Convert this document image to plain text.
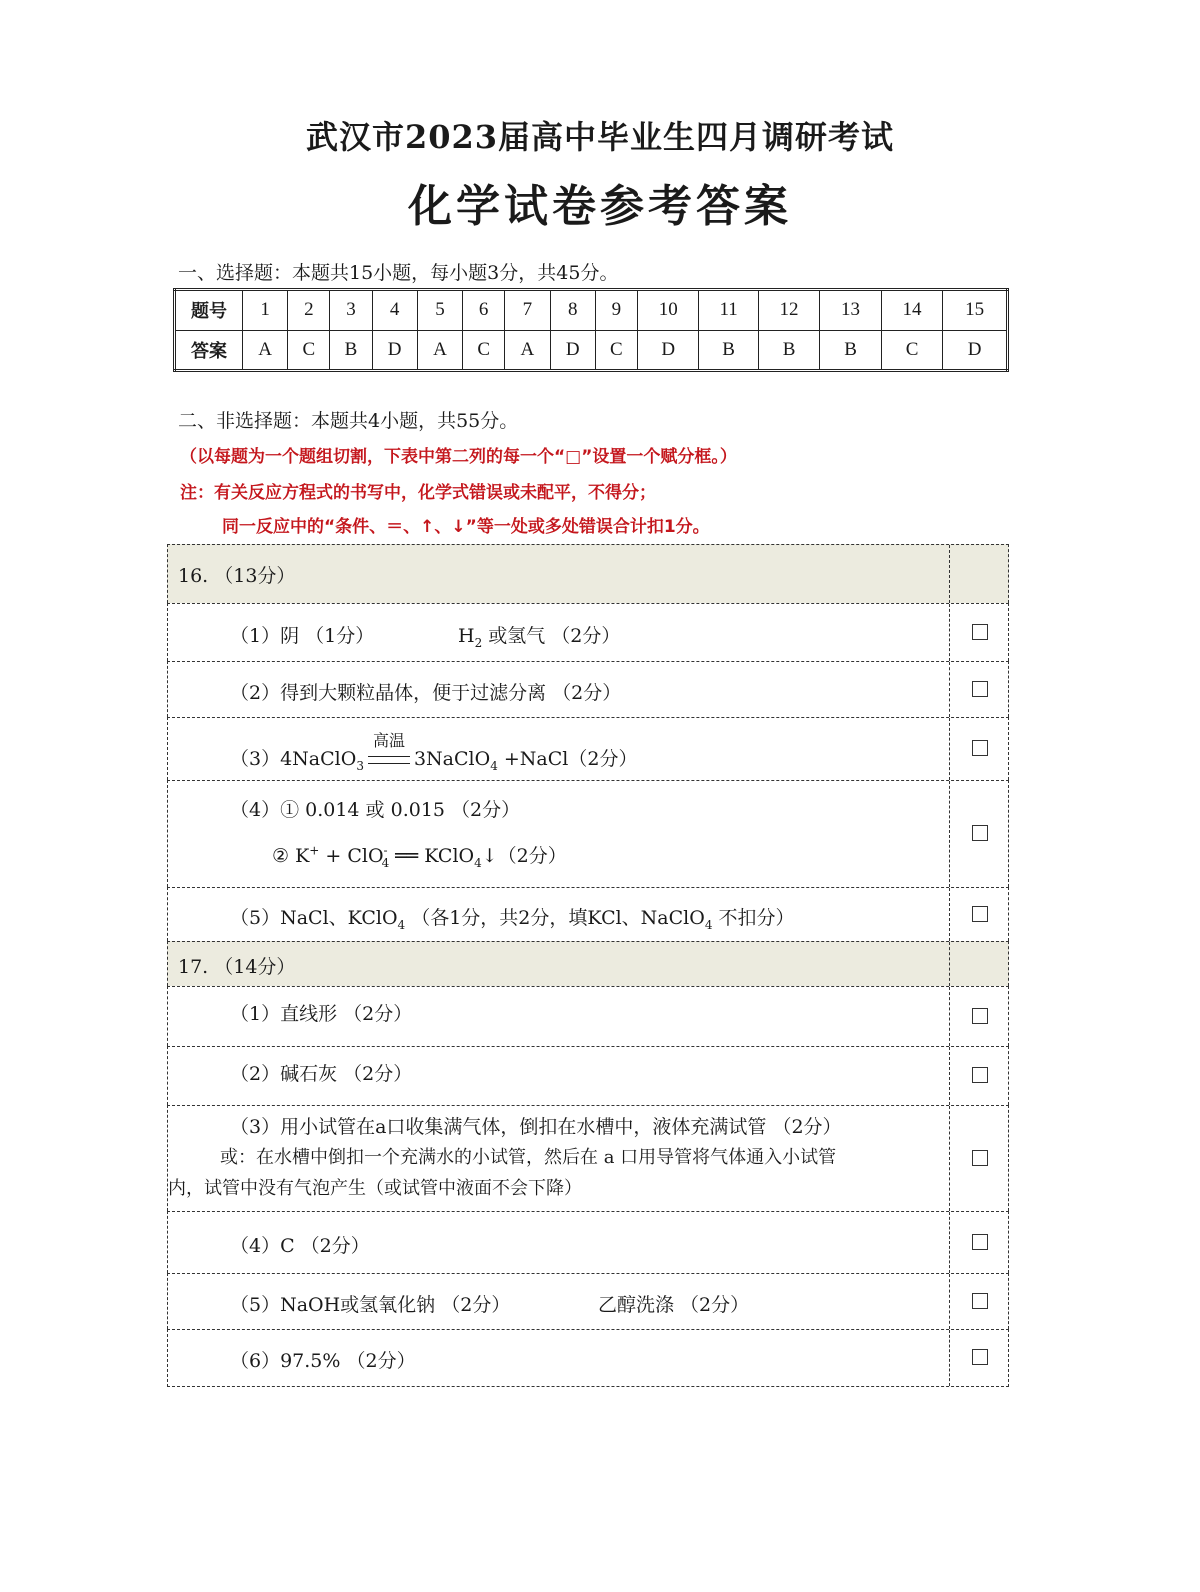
武汉市2023届高中毕业生四月调研考试
化学试卷参考答案
一、选择题：本题共15小题，每小题3分，共45分。
题号	1	2	3	4	5	6	7	8	9	10	11	12	13	14	15
答案	A	C	B	D	A	C	A	D	C	D	B	B	B	C	D
二、非选择题：本题共4小题，共55分。
（以每题为一个题组切割，下表中第二列的每一个“□”设置一个赋分框。）
注：有关反应方程式的书写中，化学式错误或未配平，不得分；
同一反应中的“条件、＝、↑、↓”等一处或多处错误合计扣1分。
16. （13分）
（1）阴 （1分）	$H_2$ 或氢气 （2分）
（2）得到大颗粒晶体，便于过滤分离 （2分）
（3）4NaClO$_3$
高温
3NaClO$_4$ +NaCl（2分）
（4）① 0.014 或 0.015 （2分）
② K+ + ClO-$_4$ ══ KClO$_4$↓（2分）
（5）NaCl、KClO$_4$ （各1分，共2分，填KCl、NaClO$_4$ 不扣分）
17. （14分）
（1）直线形 （2分）
（2）碱石灰 （2分）
（3）用小试管在a口收集满气体，倒扣在水槽中，液体充满试管 （2分）
或：在水槽中倒扣一个充满水的小试管，然后在 a 口用导管将气体通入小试管
内，试管中没有气泡产生（或试管中液面不会下降）
（4）C （2分）
（5）NaOH或氢氧化钠 （2分）	乙醇洗涤 （2分）
（6）97.5% （2分）
